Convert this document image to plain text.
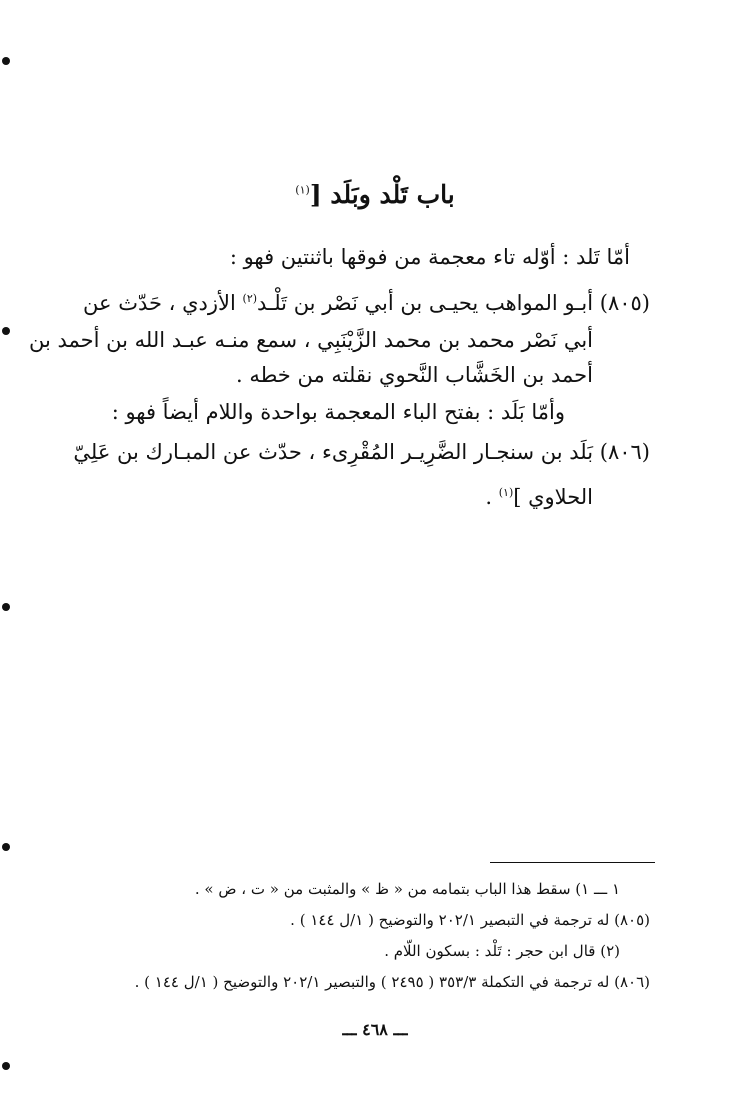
باب تَلْد وبَلَد [$^{(١)}$
أمّا تَلد : أوّله تاء معجمة من فوقها باثنتين فهو :
(٨٠٥) أبـو المواهب يحيـى بن أبي نَصْر بن تَلْـد$^{(٢)}$ الأزدي ، حَدّث عن
أبي نَصْر محمد بن محمد الزَّيْنَبِي ، سمع منـه عبـد الله بن أحمد بن
أحمد بن الخَشَّاب النَّحوي نقلته من خطه .
وأمّا بَلَد : بفتح الباء المعجمة بواحدة واللام أيضاً فهو :
(٨٠٦) بَلَد بن سنجـار الضَّرِيـر المُقْرِىء ، حدّث عن المبـارك بن عَلِيّ
الحلاوي ]$^{(١)}$ .
١ ـــ ١) سقط هذا الباب بتمامه من « ظ » والمثبت من « ت ، ض » .
(٨٠٥) له ترجمة في التبصير ٢٠٢/١ والتوضيح ( ١/ل ١٤٤ ) .
(٢) قال ابن حجر : تَلْد : بسكون اللّام .
(٨٠٦) له ترجمة في التكملة ٣٥٣/٣ ( ٢٤٩٥ ) والتبصير ٢٠٢/١ والتوضيح ( ١/ل ١٤٤ ) .
ـــ ٤٦٨ ـــ
